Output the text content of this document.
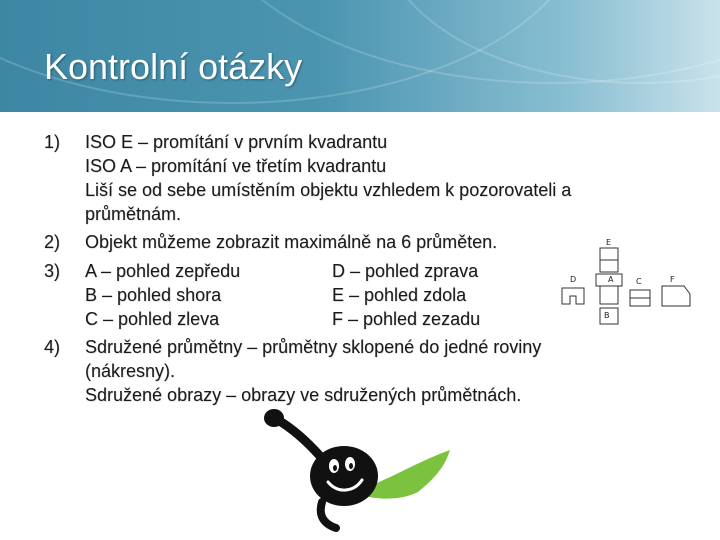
Kontrolní otázky
1) ISO E – promítání v prvním kvadrantu
ISO A – promítání ve třetím kvadrantu
Liší se od sebe umístěním objektu vzhledem k pozorovateli a
průmětnám.
2) Objekt můžeme zobrazit maximálně na 6 průměten.
3) A – pohled zepředu	D – pohled zprava
B – pohled shora	E – pohled zdola
C – pohled zleva	F – pohled zezadu
4) Sdružené průmětny – průmětny sklopené do jedné roviny
(nákresny).
Sdružené obrazy – obrazy ve sdružených průmětnách.
E
D	A	C	F
B
